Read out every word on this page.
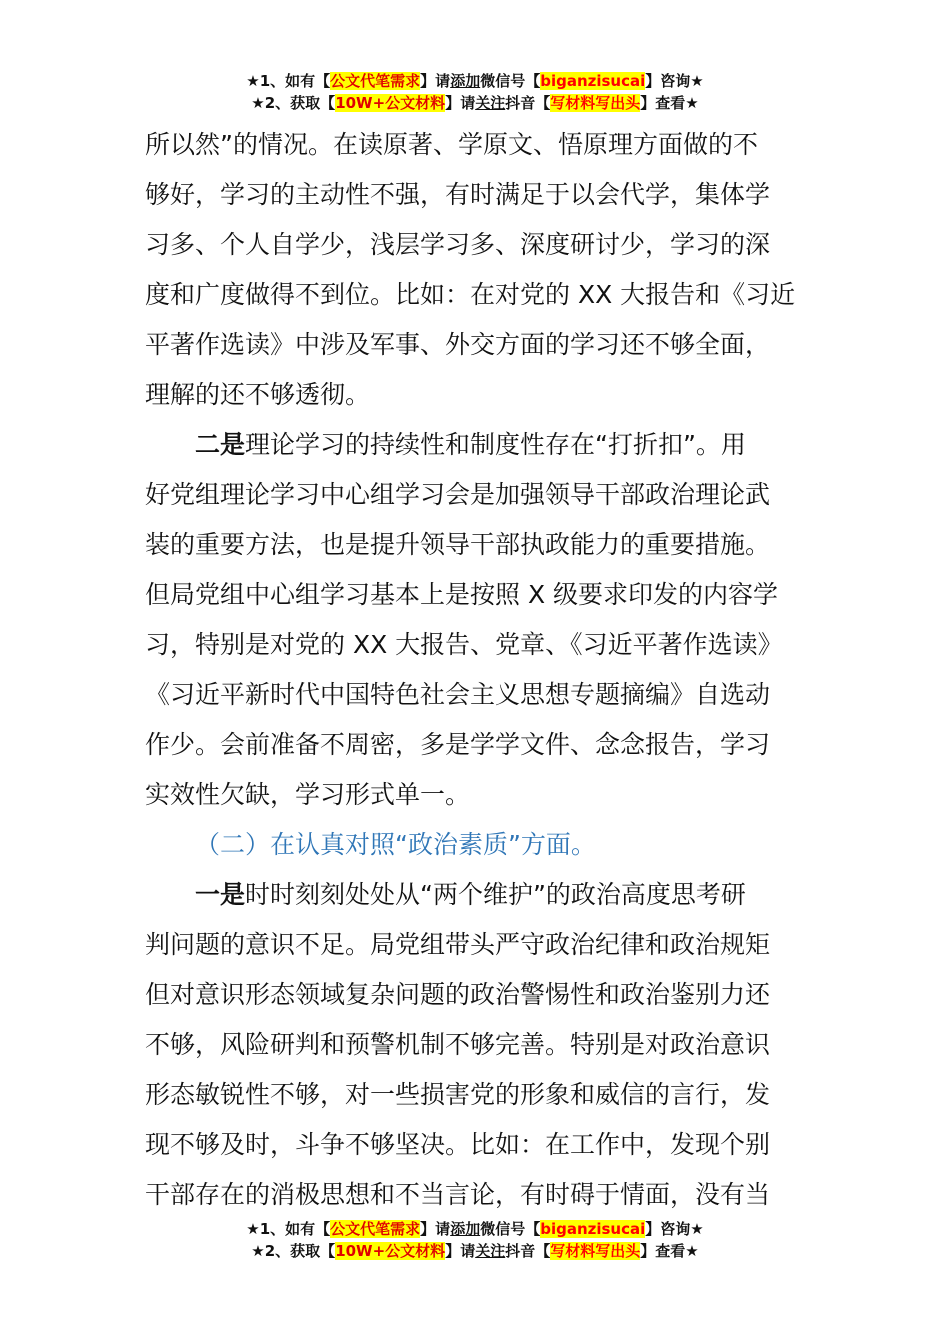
★1、如有【公文代笔需求】请添加微信号【biganzisucai】咨询★
★2、获取【10W+公文材料】请关注抖音【写材料写出头】查看★
所以然”的情况。在读原著、学原文、悟原理方面做的不
够好，学习的主动性不强，有时满足于以会代学，集体学
习多、个人自学少，浅层学习多、深度研讨少，学习的深
度和广度做得不到位。比如：在对党的 XX 大报告和《习近
平著作选读》中涉及军事、外交方面的学习还不够全面，
理解的还不够透彻。
二是理论学习的持续性和制度性存在“打折扣”。用
好党组理论学习中心组学习会是加强领导干部政治理论武
装的重要方法，也是提升领导干部执政能力的重要措施。
但局党组中心组学习基本上是按照 X 级要求印发的内容学
习，特别是对党的 XX 大报告、党章、《习近平著作选读》
《习近平新时代中国特色社会主义思想专题摘编》自选动
作少。会前准备不周密，多是学学文件、念念报告，学习
实效性欠缺，学习形式单一。
（二）在认真对照“政治素质”方面。
一是时时刻刻处处从“两个维护”的政治高度思考研
判问题的意识不足。局党组带头严守政治纪律和政治规矩
但对意识形态领域复杂问题的政治警惕性和政治鉴别力还
不够，风险研判和预警机制不够完善。特别是对政治意识
形态敏锐性不够，对一些损害党的形象和威信的言行，发
现不够及时，斗争不够坚决。比如：在工作中，发现个别
干部存在的消极思想和不当言论，有时碍于情面，没有当
★1、如有【公文代笔需求】请添加微信号【biganzisucai】咨询★
★2、获取【10W+公文材料】请关注抖音【写材料写出头】查看★
